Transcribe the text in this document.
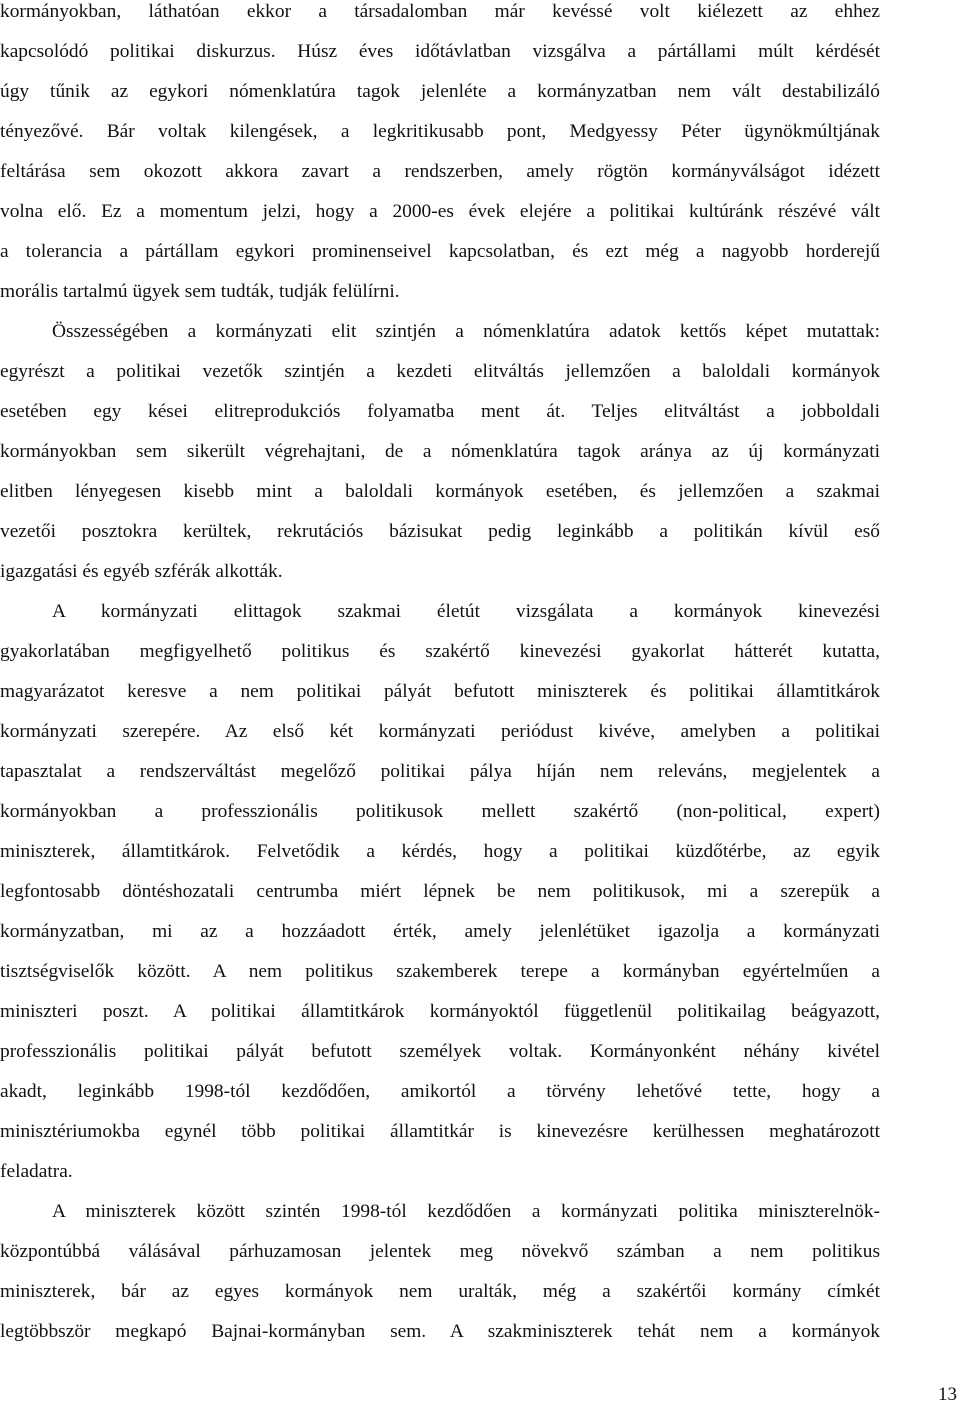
kormányokban, láthatóan ekkor a társadalomban már kevéssé volt kiélezett az ehhez
kapcsolódó politikai diskurzus. Húsz éves időtávlatban vizsgálva a pártállami múlt kérdését
úgy tűnik az egykori nómenklatúra tagok jelenléte a kormányzatban nem vált destabilizáló
tényezővé. Bár voltak kilengések, a legkritikusabb pont, Medgyessy Péter ügynökmúltjának
feltárása sem okozott akkora zavart a rendszerben, amely rögtön kormányválságot idézett
volna elő. Ez a momentum jelzi, hogy a 2000-es évek elejére a politikai kultúránk részévé vált
a tolerancia a pártállam egykori prominenseivel kapcsolatban, és ezt még a nagyobb horderejű
morális tartalmú ügyek sem tudták, tudják felülírni.
Összességében a kormányzati elit szintjén a nómenklatúra adatok kettős képet mutattak:
egyrészt a politikai vezetők szintjén a kezdeti elitváltás jellemzően a baloldali kormányok
esetében egy kései elitreprodukciós folyamatba ment át. Teljes elitváltást a jobboldali
kormányokban sem sikerült végrehajtani, de a nómenklatúra tagok aránya az új kormányzati
elitben lényegesen kisebb mint a baloldali kormányok esetében, és jellemzően a szakmai
vezetői posztokra kerültek, rekrutációs bázisukat pedig leginkább a politikán kívül eső
igazgatási és egyéb szférák alkották.
A kormányzati elittagok szakmai életút vizsgálata a kormányok kinevezési
gyakorlatában megfigyelhető politikus és szakértő kinevezési gyakorlat hátterét kutatta,
magyarázatot keresve a nem politikai pályát befutott miniszterek és politikai államtitkárok
kormányzati szerepére. Az első két kormányzati periódust kivéve, amelyben a politikai
tapasztalat a rendszerváltást megelőző politikai pálya híján nem releváns, megjelentek a
kormányokban a professzionális politikusok mellett szakértő (non-political, expert)
miniszterek, államtitkárok. Felvetődik a kérdés, hogy a politikai küzdőtérbe, az egyik
legfontosabb döntéshozatali centrumba miért lépnek be nem politikusok, mi a szerepük a
kormányzatban, mi az a hozzáadott érték, amely jelenlétüket igazolja a kormányzati
tisztségviselők között. A nem politikus szakemberek terepe a kormányban egyértelműen a
miniszteri poszt. A politikai államtitkárok kormányoktól függetlenül politikailag beágyazott,
professzionális politikai pályát befutott személyek voltak. Kormányonként néhány kivétel
akadt, leginkább 1998-tól kezdődően, amikortól a törvény lehetővé tette, hogy a
minisztériumokba egynél több politikai államtitkár is kinevezésre kerülhessen meghatározott
feladatra.
A miniszterek között szintén 1998-tól kezdődően a kormányzati politika miniszterelnök-
központúbbá válásával párhuzamosan jelentek meg növekvő számban a nem politikus
miniszterek, bár az egyes kormányok nem uralták, még a szakértői kormány címkét
legtöbbször megkapó Bajnai-kormányban sem. A szakminiszterek tehát nem a kormányok
13
